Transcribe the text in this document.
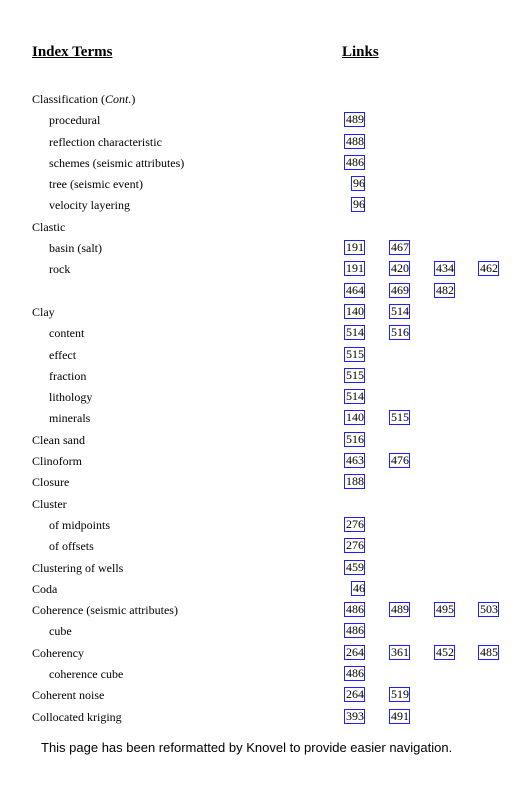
Index Terms	Links
Classification (Cont.)
procedural	489
reflection characteristic	488
schemes (seismic attributes)	486
tree (seismic event)	96
velocity layering	96
Clastic
basin (salt)	191 467
rock	191 420 434 462
464 469 482
Clay	140 514
content	514 516
effect	515
fraction	515
lithology	514
minerals	140 515
Clean sand	516
Clinoform	463 476
Closure	188
Cluster
of midpoints	276
of offsets	276
Clustering of wells	459
Coda	46
Coherence (seismic attributes)	486 489 495 503
cube	486
Coherency	264 361 452 485
coherence cube	486
Coherent noise	264 519
Collocated kriging	393 491
This page has been reformatted by Knovel to provide easier navigation.
